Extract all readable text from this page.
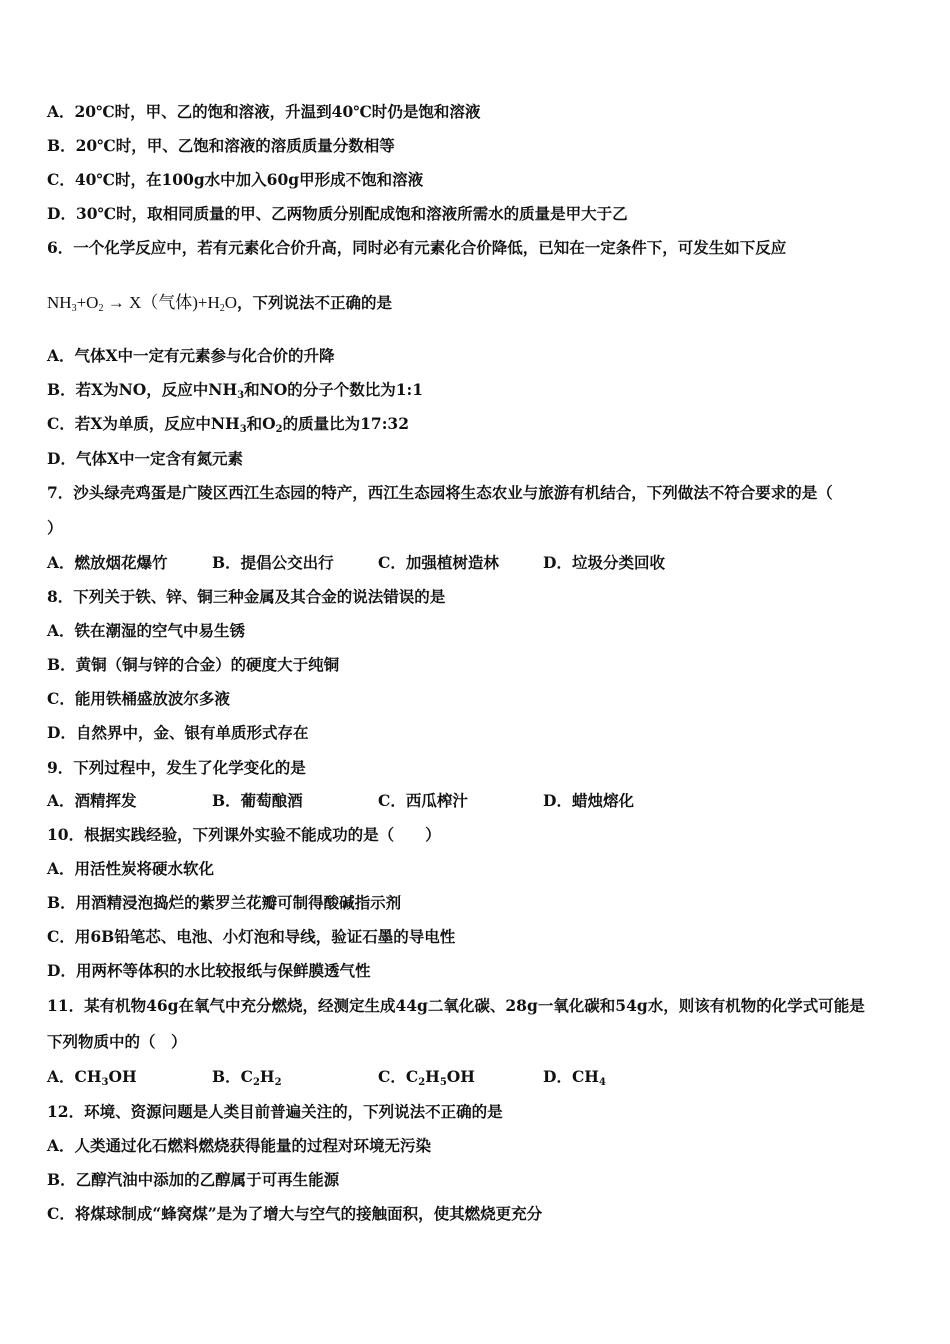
A．20℃时，甲、乙的饱和溶液，升温到40℃时仍是饱和溶液
B．20℃时，甲、乙饱和溶液的溶质质量分数相等
C．40℃时，在100g水中加入60g甲形成不饱和溶液
D．30℃时，取相同质量的甲、乙两物质分别配成饱和溶液所需水的质量是甲大于乙
6．一个化学反应中，若有元素化合价升高，同时必有元素化合价降低，已知在一定条件下，可发生如下反应
$NH_3+O_2 \to X$（气体)$+H_2O$，下列说法不正确的是
A．气体X中一定有元素参与化合价的升降
B．若X为NO，反应中$NH_3$和NO的分子个数比为1:1
C．若X为单质，反应中$NH_3$和$O_2$的质量比为17:32
D．气体X中一定含有氮元素
7．沙头绿壳鸡蛋是广陵区西江生态园的特产，西江生态园将生态农业与旅游有机结合，下列做法不符合要求的是（
）
A．燃放烟花爆竹	B．提倡公交出行	C．加强植树造林	D．垃圾分类回收
8．下列关于铁、锌、铜三种金属及其合金的说法错误的是
A．铁在潮湿的空气中易生锈
B．黄铜（铜与锌的合金）的硬度大于纯铜
C．能用铁桶盛放波尔多液
D．自然界中，金、银有单质形式存在
9．下列过程中，发生了化学变化的是
A．酒精挥发	B．葡萄酿酒	C．西瓜榨汁	D．蜡烛熔化
10．根据实践经验，下列课外实验不能成功的是（　　）
A．用活性炭将硬水软化
B．用酒精浸泡捣烂的紫罗兰花瓣可制得酸碱指示剂
C．用6B铅笔芯、电池、小灯泡和导线，验证石墨的导电性
D．用两杯等体积的水比较报纸与保鲜膜透气性
11．某有机物46g在氧气中充分燃烧，经测定生成44g二氧化碳、28g一氧化碳和54g水，则该有机物的化学式可能是
下列物质中的（　）
A．$CH_3OH$	B．$C_2H_2$	C．$C_2H_5OH$	D．$CH_4$
12．环境、资源问题是人类目前普遍关注的，下列说法不正确的是
A．人类通过化石燃料燃烧获得能量的过程对环境无污染
B．乙醇汽油中添加的乙醇属于可再生能源
C．将煤球制成“蜂窝煤”是为了增大与空气的接触面积，使其燃烧更充分
